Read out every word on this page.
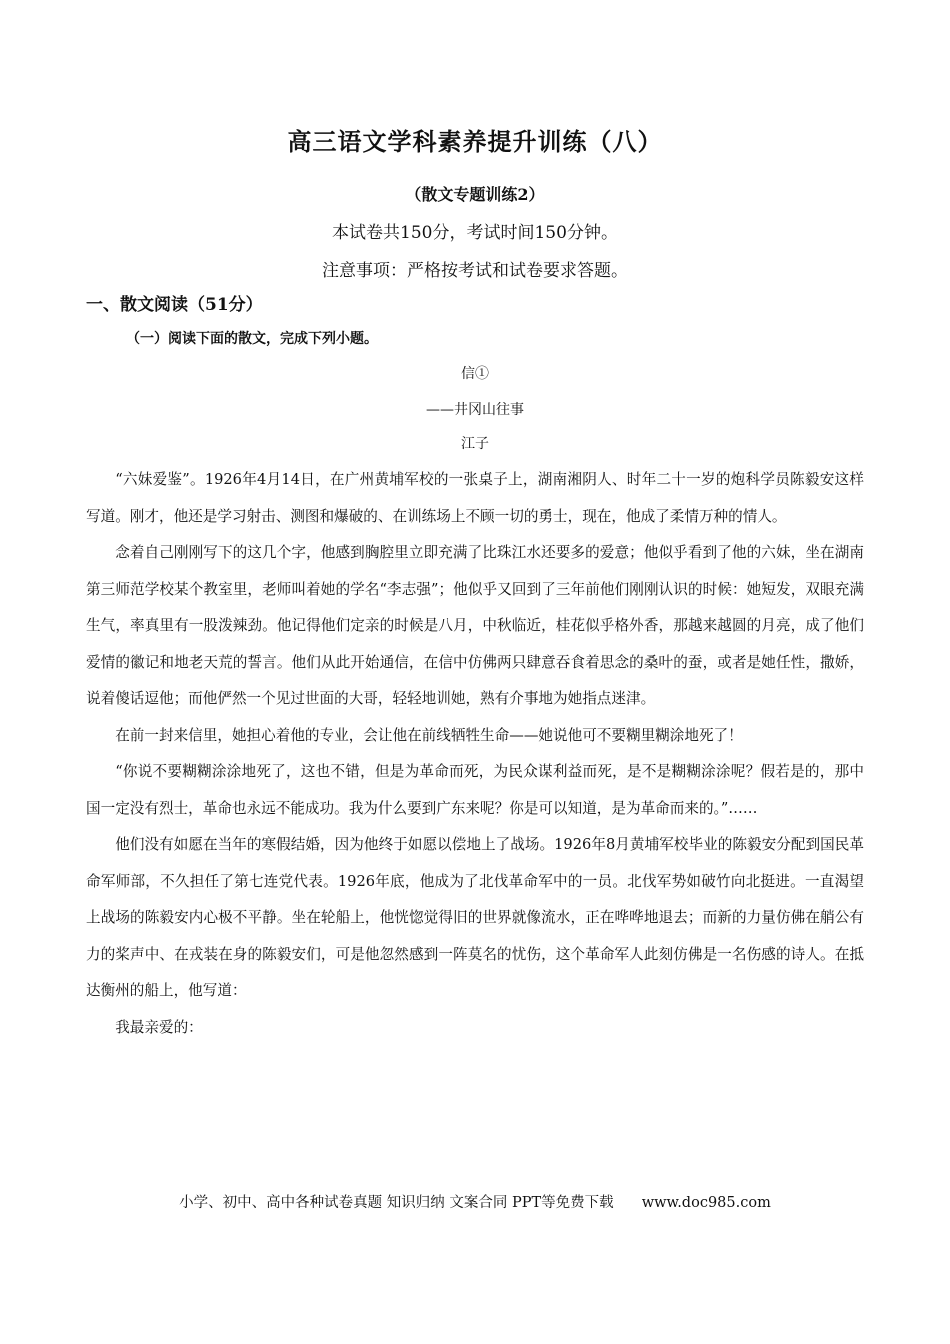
高三语文学科素养提升训练（八）
（散文专题训练2）
本试卷共150分，考试时间150分钟。
注意事项：严格按考试和试卷要求答题。
一、散文阅读（51分）
（一）阅读下面的散文，完成下列小题。
信①
——井冈山往事
江子

“六妹爱鉴”。1926年4月14日，在广州黄埔军校的一张桌子上，湖南湘阴人、时年二十一岁的炮科学员陈毅安这样写道。刚才，他还是学习射击、测图和爆破的、在训练场上不顾一切的勇士，现在，他成了柔情万种的情人。

念着自己刚刚写下的这几个字，他感到胸腔里立即充满了比珠江水还要多的爱意；他似乎看到了他的六妹，坐在湖南第三师范学校某个教室里，老师叫着她的学名“李志强”；他似乎又回到了三年前他们刚刚认识的时候：她短发，双眼充满生气，率真里有一股泼辣劲。他记得他们定亲的时候是八月，中秋临近，桂花似乎格外香，那越来越圆的月亮，成了他们爱情的徽记和地老天荒的誓言。他们从此开始通信，在信中仿佛两只肆意吞食着思念的桑叶的蚕，或者是她任性，撒娇，说着傻话逗他；而他俨然一个见过世面的大哥，轻轻地训她，熟有介事地为她指点迷津。

在前一封来信里，她担心着他的专业，会让他在前线牺牲生命——她说他可不要糊里糊涂地死了！

“你说不要糊糊涂涂地死了，这也不错，但是为革命而死，为民众谋利益而死，是不是糊糊涂涂呢？假若是的，那中国一定没有烈士，革命也永远不能成功。我为什么要到广东来呢？你是可以知道，是为革命而来的。”……

他们没有如愿在当年的寒假结婚，因为他终于如愿以偿地上了战场。1926年8月黄埔军校毕业的陈毅安分配到国民革命军师部，不久担任了第七连党代表。1926年底，他成为了北伐革命军中的一员。北伐军势如破竹向北挺进。一直渴望上战场的陈毅安内心极不平静。坐在轮船上，他恍惚觉得旧的世界就像流水，正在哗哗地退去；而新的力量仿佛在艄公有力的桨声中、在戎装在身的陈毅安们，可是他忽然感到一阵莫名的忧伤，这个革命军人此刻仿佛是一名伤感的诗人。在抵达衡州的船上，他写道：

我最亲爱的：

小学、初中、高中各种试卷真题 知识归纳 文案合同 PPT等免费下载 www.doc985.com
